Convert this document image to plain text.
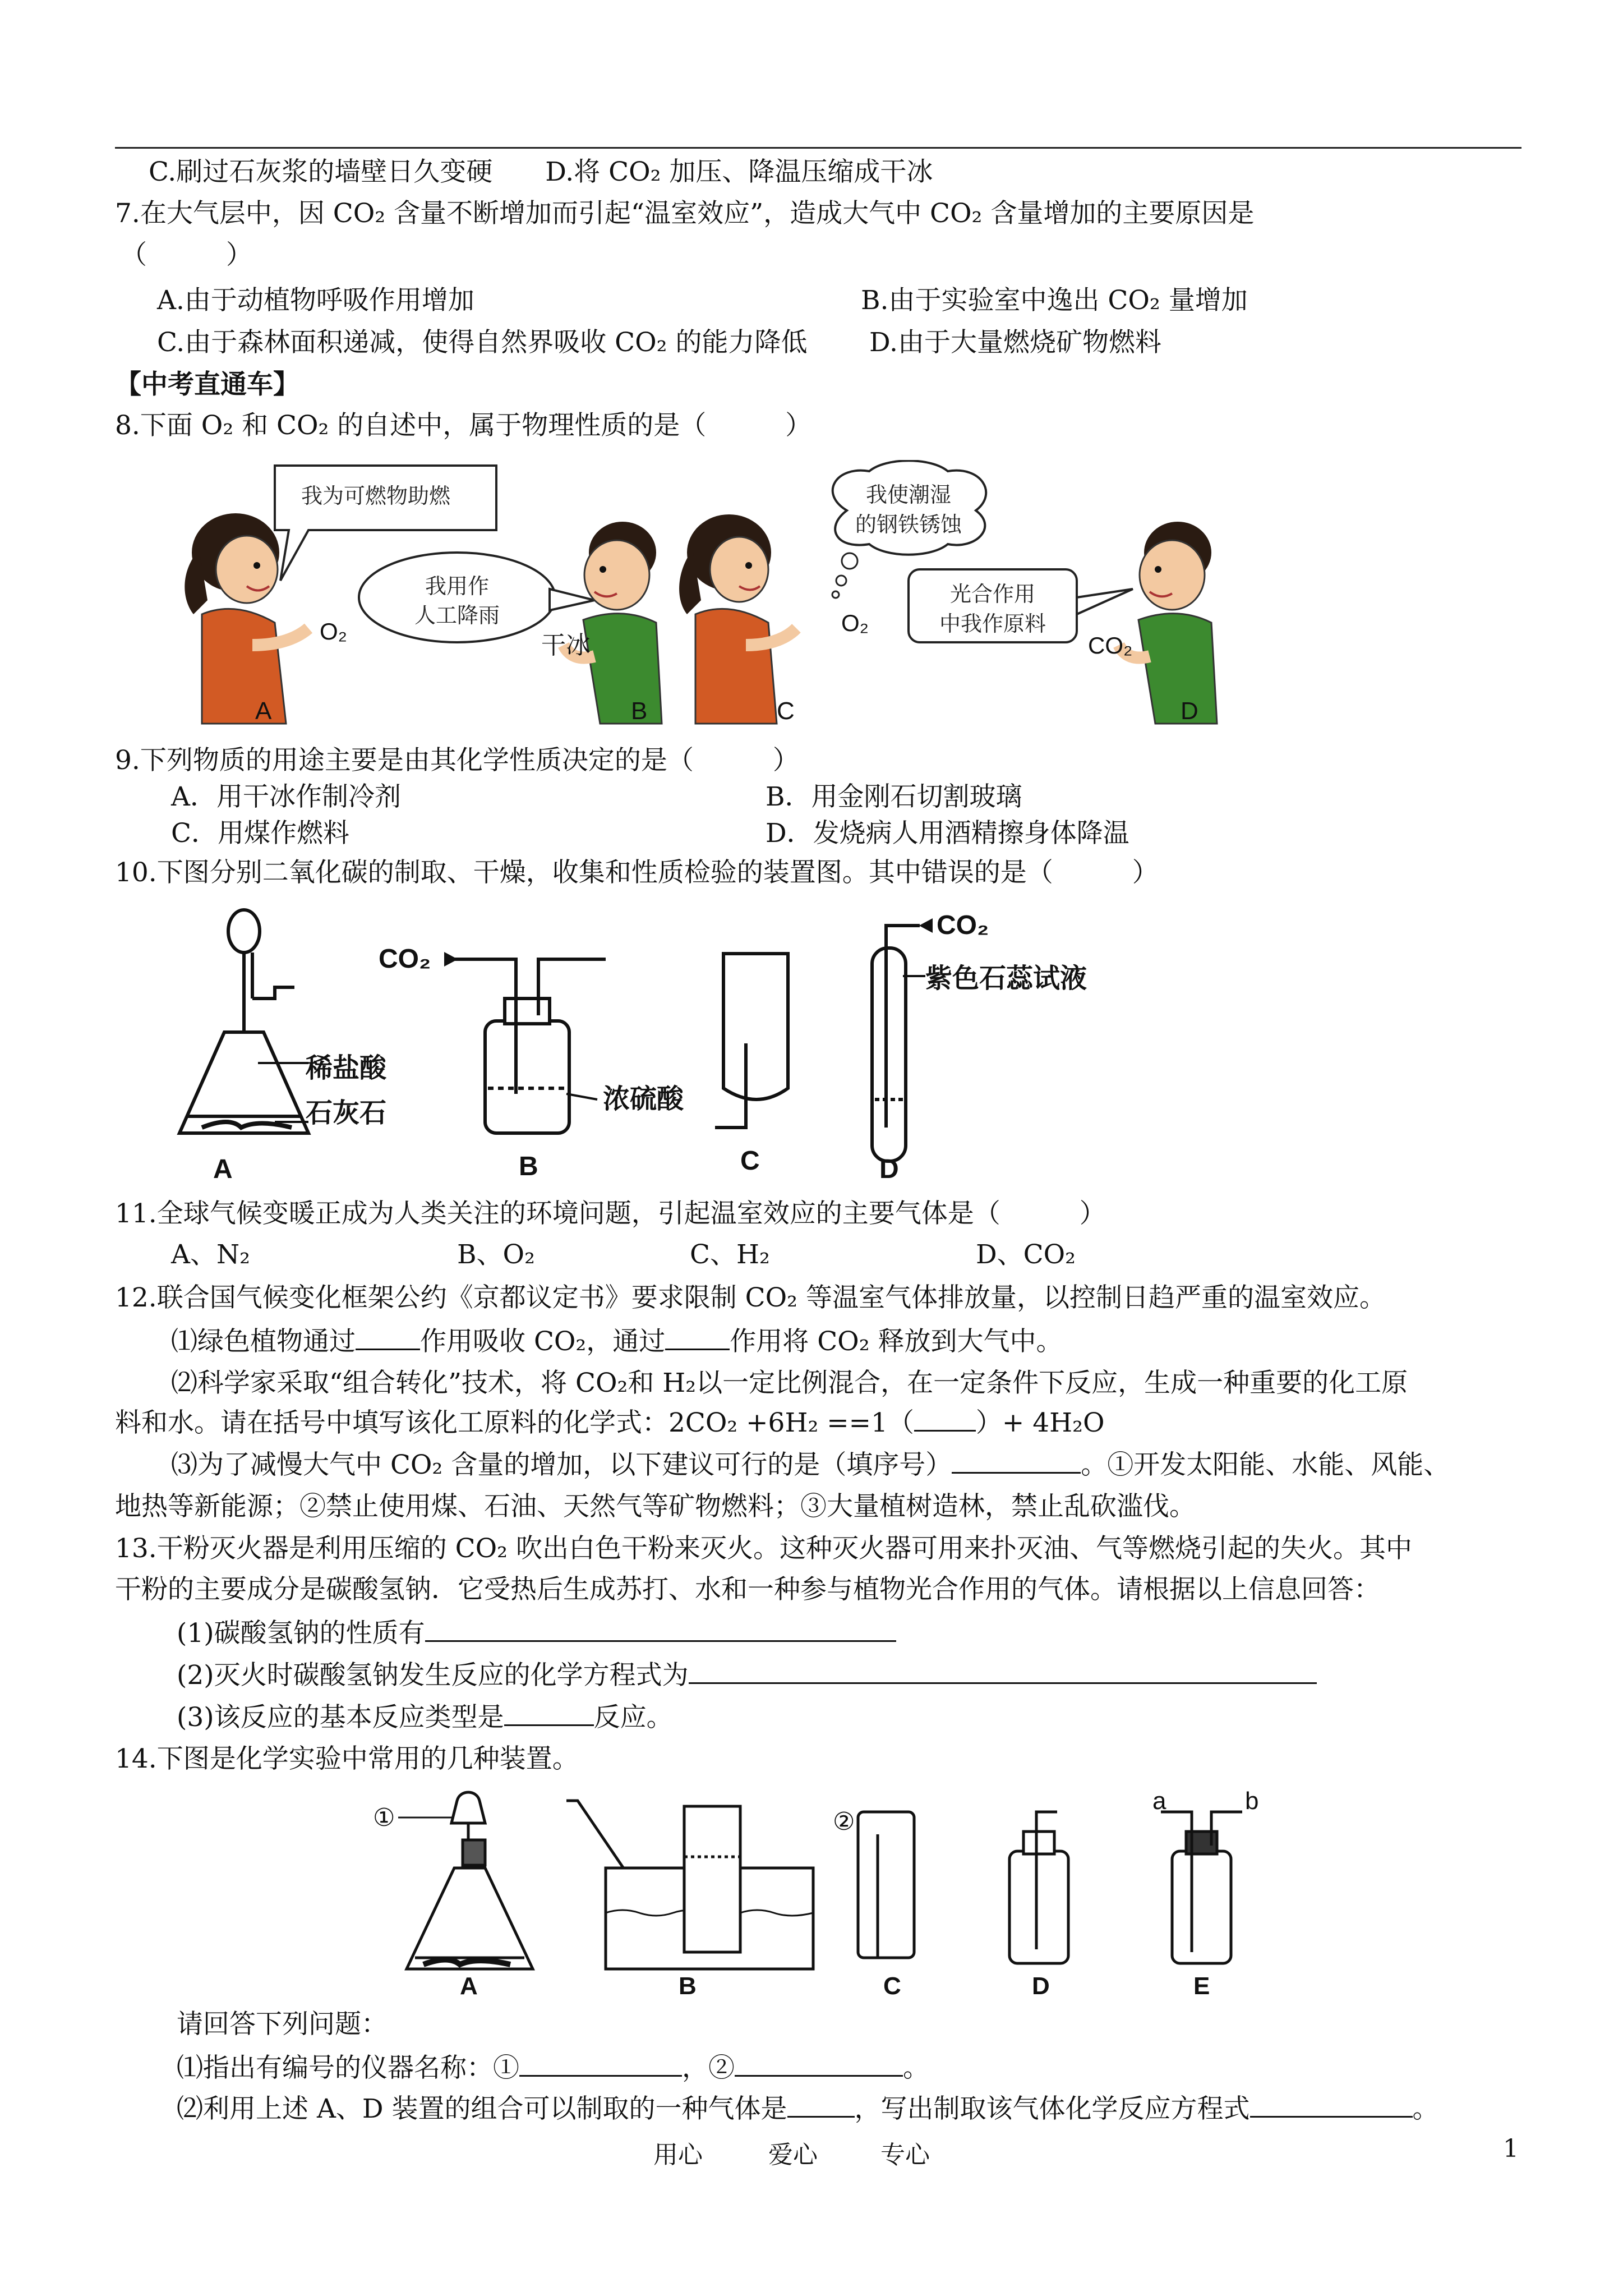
C.刷过石灰浆的墙壁日久变硬　　D.将 CO₂ 加压、降温压缩成干冰
7.在大气层中，因 CO₂ 含量不断增加而引起“温室效应”，造成大气中 CO₂ 含量增加的主要原因是
（　　　）
A.由于动植物呼吸作用增加	B.由于实验室中逸出 CO₂ 量增加
C.由于森林面积递减，使得自然界吸收 CO₂ 的能力降低 D.由于大量燃烧矿物燃料
【中考直通车】
8.下面 O₂ 和 CO₂ 的自述中，属于物理性质的是（　　　）
我为可燃物助燃
我用作
人工降雨
我使潮湿
的钢铁锈蚀
光合作用
中我作原料
O₂	干冰
O₂
CO₂
A	B	C	D
9.下列物质的用途主要是由其化学性质决定的是（　　　）
A．用干冰作制冷剂	B．用金刚石切割玻璃
C．用煤作燃料	D．发烧病人用酒精擦身体降温
10.下图分别二氧化碳的制取、干燥，收集和性质检验的装置图。其中错误的是（　　　）
稀盐酸
石灰石
CO₂
浓硫酸
CO₂
紫色石蕊试液
A	B	C	D
11.全球气候变暖正成为人类关注的环境问题，引起温室效应的主要气体是（　　　）
A、N₂	B、O₂	C、H₂	D、CO₂
12.联合国气候变化框架公约《京都议定书》要求限制 CO₂ 等温室气体排放量，以控制日趋严重的温室效应。
⑴绿色植物通过 作用吸收 CO₂，通过 作用将 CO₂ 释放到大气中。
⑵科学家采取“组合转化”技术，将 CO₂和 H₂以一定比例混合，在一定条件下反应，生成一种重要的化工原
料和水。请在括号中填写该化工原料的化学式：2CO₂ +6H₂ ==1（ ）+ 4H₂O
⑶为了减慢大气中 CO₂ 含量的增加，以下建议可行的是（填序号）	。①开发太阳能、水能、风能、
地热等新能源；②禁止使用煤、石油、天然气等矿物燃料；③大量植树造林，禁止乱砍滥伐。
13.干粉灭火器是利用压缩的 CO₂ 吹出白色干粉来灭火。这种灭火器可用来扑灭油、气等燃烧引起的失火。其中
干粉的主要成分是碳酸氢钠．它受热后生成苏打、水和一种参与植物光合作用的气体。请根据以上信息回答：
(1)碳酸氢钠的性质有
(2)灭火时碳酸氢钠发生反应的化学方程式为
(3)该反应的基本反应类型是	反应。
14.下图是化学实验中常用的几种装置。
①	②
a	b
A	B	C	D	E
请回答下列问题：
⑴指出有编号的仪器名称：①	，②	。
⑵利用上述 A、D 装置的组合可以制取的一种气体是	，写出制取该气体化学反应方程式	。
用心	爱心	专心	1
